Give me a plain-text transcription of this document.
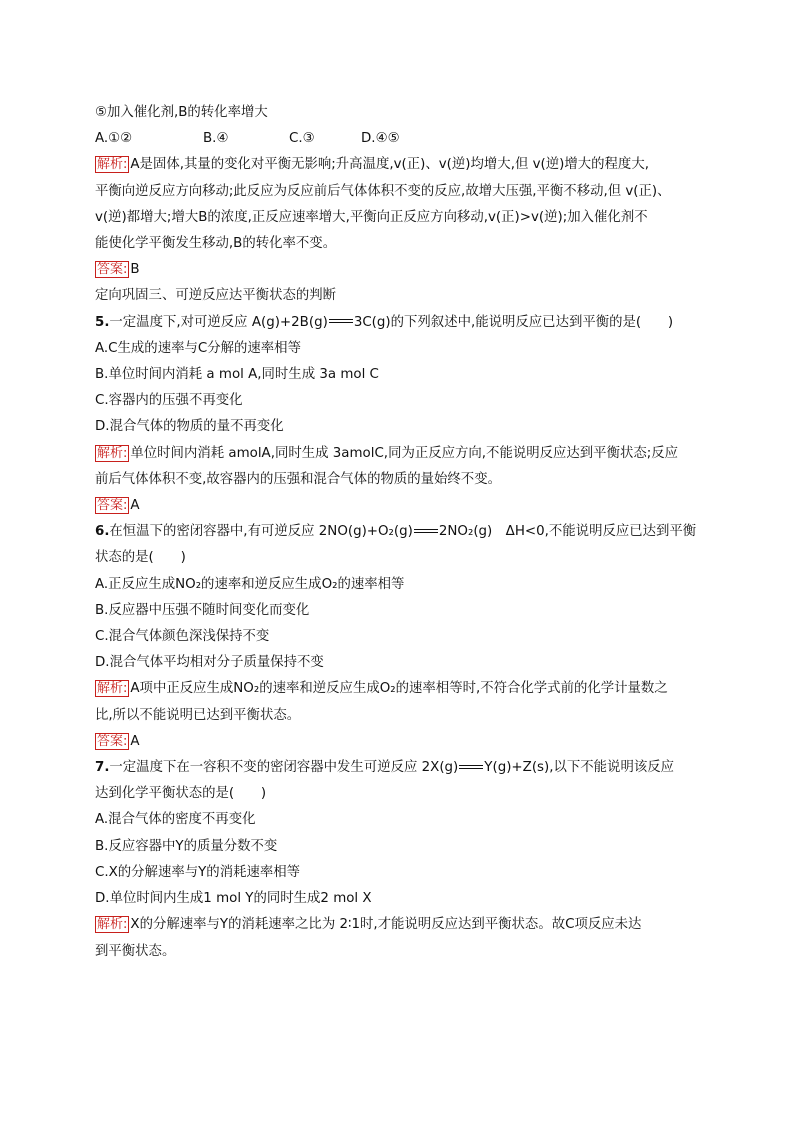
⑤加入催化剂,B的转化率增大
A.①②	B.④	C.③	D.④⑤
解析: A是固体,其量的变化对平衡无影响;升高温度,v(正)、v(逆)均增大,但 v(逆)增大的程度大,
平衡向逆反应方向移动;此反应为反应前后气体体积不变的反应,故增大压强,平衡不移动,但 v(正)、
v(逆)都增大;增大B的浓度,正反应速率增大,平衡向正反应方向移动,v(正)>v(逆);加入催化剂不
能使化学平衡发生移动,B的转化率不变。
答案: B
定向巩固三、可逆反应达平衡状态的判断
5.一定温度下,对可逆反应 A(g)+2B(g) 3C(g)的下列叙述中,能说明反应已达到平衡的是(　　)
A.C生成的速率与C分解的速率相等
B.单位时间内消耗 a mol A,同时生成 3a mol C
C.容器内的压强不再变化
D.混合气体的物质的量不再变化
解析: 单位时间内消耗 amolA,同时生成 3amolC,同为正反应方向,不能说明反应达到平衡状态;反应
前后气体体积不变,故容器内的压强和混合气体的物质的量始终不变。
答案: A
6.在恒温下的密闭容器中,有可逆反应 2NO(g)+O₂(g) 2NO₂(g)　ΔH<0,不能说明反应已达到平衡
状态的是(　　)
A.正反应生成NO₂的速率和逆反应生成O₂的速率相等
B.反应器中压强不随时间变化而变化
C.混合气体颜色深浅保持不变
D.混合气体平均相对分子质量保持不变
解析: A项中正反应生成NO₂的速率和逆反应生成O₂的速率相等时,不符合化学式前的化学计量数之
比,所以不能说明已达到平衡状态。
答案: A
7.一定温度下在一容积不变的密闭容器中发生可逆反应 2X(g) Y(g)+Z(s),以下不能说明该反应
达到化学平衡状态的是(　　)
A.混合气体的密度不再变化
B.反应容器中Y的质量分数不变
C.X的分解速率与Y的消耗速率相等
D.单位时间内生成1 mol Y的同时生成2 mol X
解析: X的分解速率与Y的消耗速率之比为 2∶1时,才能说明反应达到平衡状态。故C项反应未达
到平衡状态。
